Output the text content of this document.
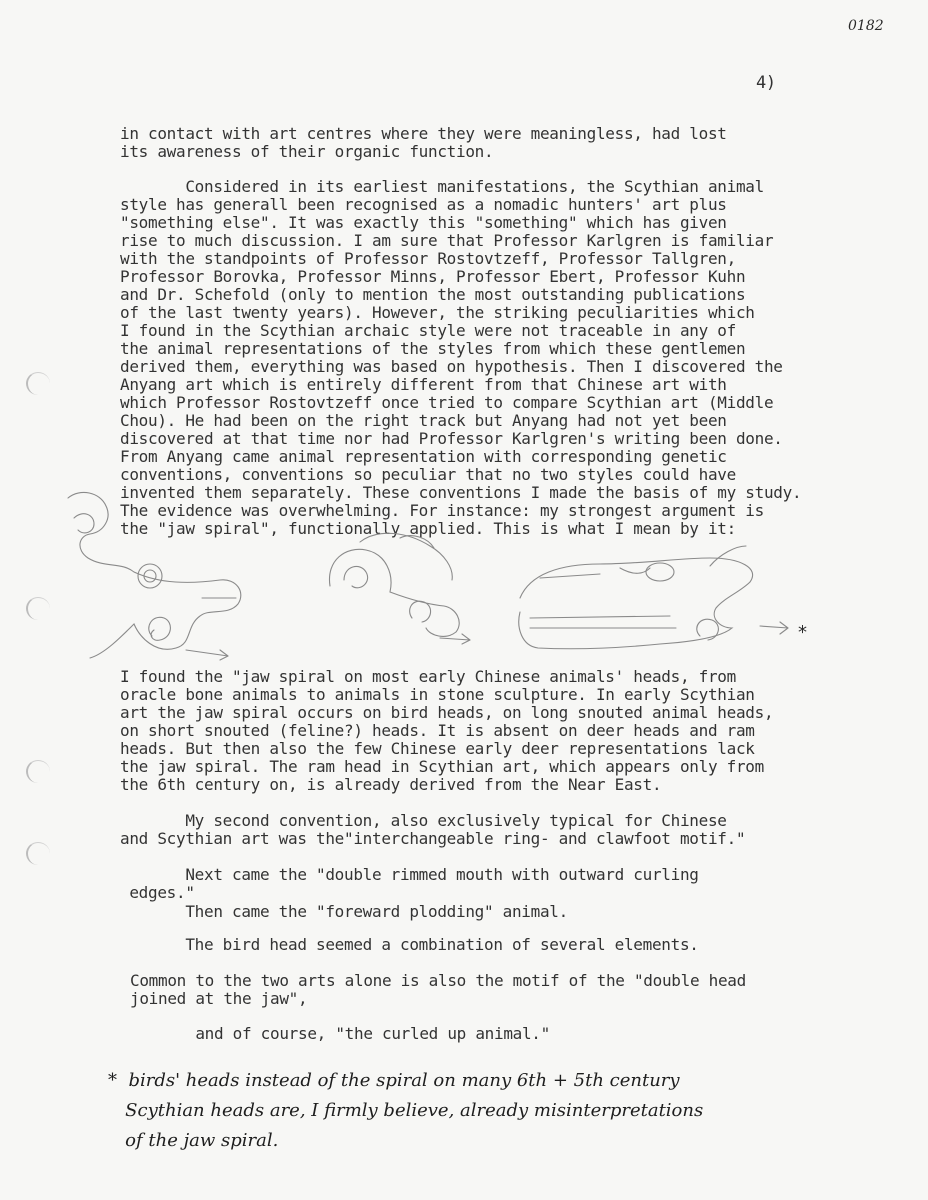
0182
4)
in contact with art centres where they were meaningless, had lost
its awareness of their organic function.
Considered in its earliest manifestations, the Scythian animal
style has generall been recognised as a nomadic hunters' art plus
"something else". It was exactly this "something" which has given
rise to much discussion. I am sure that Professor Karlgren is familiar
with the standpoints of Professor Rostovtzeff, Professor Tallgren,
Professor Borovka, Professor Minns, Professor Ebert, Professor Kuhn
and Dr. Schefold (only to mention the most outstanding publications
of the last twenty years). However, the striking peculiarities which
I found in the Scythian archaic style were not traceable in any of
the animal representations of the styles from which these gentlemen
derived them, everything was based on hypothesis. Then I discovered the
Anyang art which is entirely different from that Chinese art with
which Professor Rostovtzeff once tried to compare Scythian art (Middle
Chou). He had been on the right track but Anyang had not yet been
discovered at that time nor had Professor Karlgren's writing been done.
From Anyang came animal representation with corresponding genetic
conventions, conventions so peculiar that no two styles could have
invented them separately. These conventions I made the basis of my study.
The evidence was overwhelming. For instance: my strongest argument is
the "jaw spiral", functionally applied. This is what I mean by it:
*
I found the "jaw spiral on most early Chinese animals' heads, from
oracle bone animals to animals in stone sculpture. In early Scythian
art the jaw spiral occurs on bird heads, on long snouted animal heads,
on short snouted (feline?) heads. It is absent on deer heads and ram
heads. But then also the few Chinese early deer representations lack
the jaw spiral. The ram head in Scythian art, which appears only from
the 6th century on, is already derived from the Near East.
My second convention, also exclusively typical for Chinese
and Scythian art was the"interchangeable ring- and clawfoot motif."
Next came the "double rimmed mouth with outward curling
edges."
Then came the "foreward plodding" animal.
The bird head seemed a combination of several elements.
Common to the two arts alone is also the motif of the "double head
joined at the jaw",
and of course, "the curled up animal."
*  birds' heads instead of the spiral on many 6th + 5th century
Scythian heads are, I firmly believe, already misinterpretations
of the jaw spiral.
